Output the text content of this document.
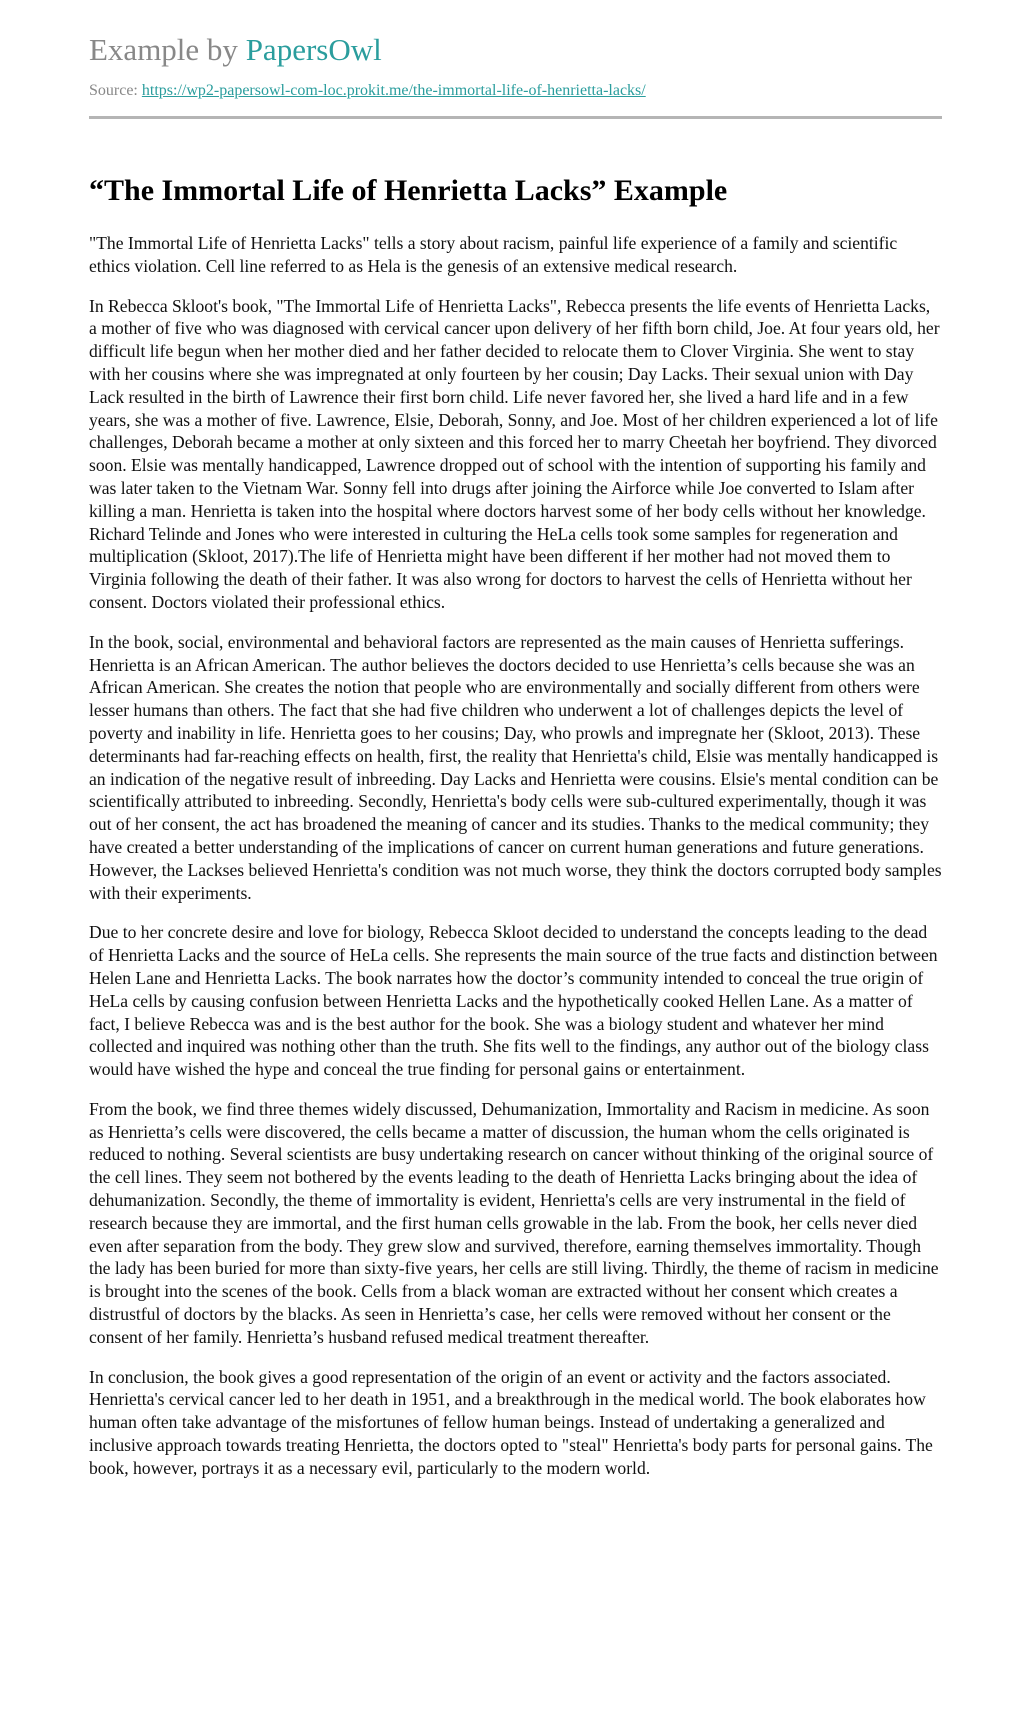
Example by PapersOwl
Source: https://wp2-papersowl-com-loc.prokit.me/the-immortal-life-of-henrietta-lacks/
“The Immortal Life of Henrietta Lacks” Example

"The Immortal Life of Henrietta Lacks" tells a story about racism, painful life experience of a family and scientific ethics violation. Cell line referred to as Hela is the genesis of an extensive medical research.

In Rebecca Skloot's book, "The Immortal Life of Henrietta Lacks", Rebecca presents the life events of Henrietta Lacks, a mother of five who was diagnosed with cervical cancer upon delivery of her fifth born child, Joe. At four years old, her difficult life begun when her mother died and her father decided to relocate them to Clover Virginia. She went to stay with her cousins where she was impregnated at only fourteen by her cousin; Day Lacks. Their sexual union with Day Lack resulted in the birth of Lawrence their first born child. Life never favored her, she lived a hard life and in a few years, she was a mother of five. Lawrence, Elsie, Deborah, Sonny, and Joe. Most of her children experienced a lot of life challenges, Deborah became a mother at only sixteen and this forced her to marry Cheetah her boyfriend. They divorced soon. Elsie was mentally handicapped, Lawrence dropped out of school with the intention of supporting his family and was later taken to the Vietnam War. Sonny fell into drugs after joining the Airforce while Joe converted to Islam after killing a man. Henrietta is taken into the hospital where doctors harvest some of her body cells without her knowledge. Richard Telinde and Jones who were interested in culturing the HeLa cells took some samples for regeneration and multiplication (Skloot, 2017).The life of Henrietta might have been different if her mother had not moved them to Virginia following the death of their father. It was also wrong for doctors to harvest the cells of Henrietta without her consent. Doctors violated their professional ethics.

In the book, social, environmental and behavioral factors are represented as the main causes of Henrietta sufferings. Henrietta is an African American. The author believes the doctors decided to use Henrietta’s cells because she was an African American. She creates the notion that people who are environmentally and socially different from others were lesser humans than others. The fact that she had five children who underwent a lot of challenges depicts the level of poverty and inability in life. Henrietta goes to her cousins; Day, who prowls and impregnate her (Skloot, 2013). These determinants had far-reaching effects on health, first, the reality that Henrietta's child, Elsie was mentally handicapped is an indication of the negative result of inbreeding. Day Lacks and Henrietta were cousins. Elsie's mental condition can be scientifically attributed to inbreeding. Secondly, Henrietta's body cells were sub-cultured experimentally, though it was out of her consent, the act has broadened the meaning of cancer and its studies. Thanks to the medical community; they have created a better understanding of the implications of cancer on current human generations and future generations. However, the Lackses believed Henrietta's condition was not much worse, they think the doctors corrupted body samples with their experiments.

Due to her concrete desire and love for biology, Rebecca Skloot decided to understand the concepts leading to the dead of Henrietta Lacks and the source of HeLa cells. She represents the main source of the true facts and distinction between Helen Lane and Henrietta Lacks. The book narrates how the doctor’s community intended to conceal the true origin of HeLa cells by causing confusion between Henrietta Lacks and the hypothetically cooked Hellen Lane. As a matter of fact, I believe Rebecca was and is the best author for the book. She was a biology student and whatever her mind collected and inquired was nothing other than the truth. She fits well to the findings, any author out of the biology class would have wished the hype and conceal the true finding for personal gains or entertainment.

From the book, we find three themes widely discussed, Dehumanization, Immortality and Racism in medicine. As soon as Henrietta’s cells were discovered, the cells became a matter of discussion, the human whom the cells originated is reduced to nothing. Several scientists are busy undertaking research on cancer without thinking of the original source of the cell lines. They seem not bothered by the events leading to the death of Henrietta Lacks bringing about the idea of dehumanization. Secondly, the theme of immortality is evident, Henrietta's cells are very instrumental in the field of research because they are immortal, and the first human cells growable in the lab. From the book, her cells never died even after separation from the body. They grew slow and survived, therefore, earning themselves immortality. Though the lady has been buried for more than sixty-five years, her cells are still living. Thirdly, the theme of racism in medicine is brought into the scenes of the book. Cells from a black woman are extracted without her consent which creates a distrustful of doctors by the blacks. As seen in Henrietta’s case, her cells were removed without her consent or the consent of her family. Henrietta’s husband refused medical treatment thereafter.

In conclusion, the book gives a good representation of the origin of an event or activity and the factors associated. Henrietta's cervical cancer led to her death in 1951, and a breakthrough in the medical world. The book elaborates how human often take advantage of the misfortunes of fellow human beings. Instead of undertaking a generalized and inclusive approach towards treating Henrietta, the doctors opted to "steal" Henrietta's body parts for personal gains. The book, however, portrays it as a necessary evil, particularly to the modern world.
